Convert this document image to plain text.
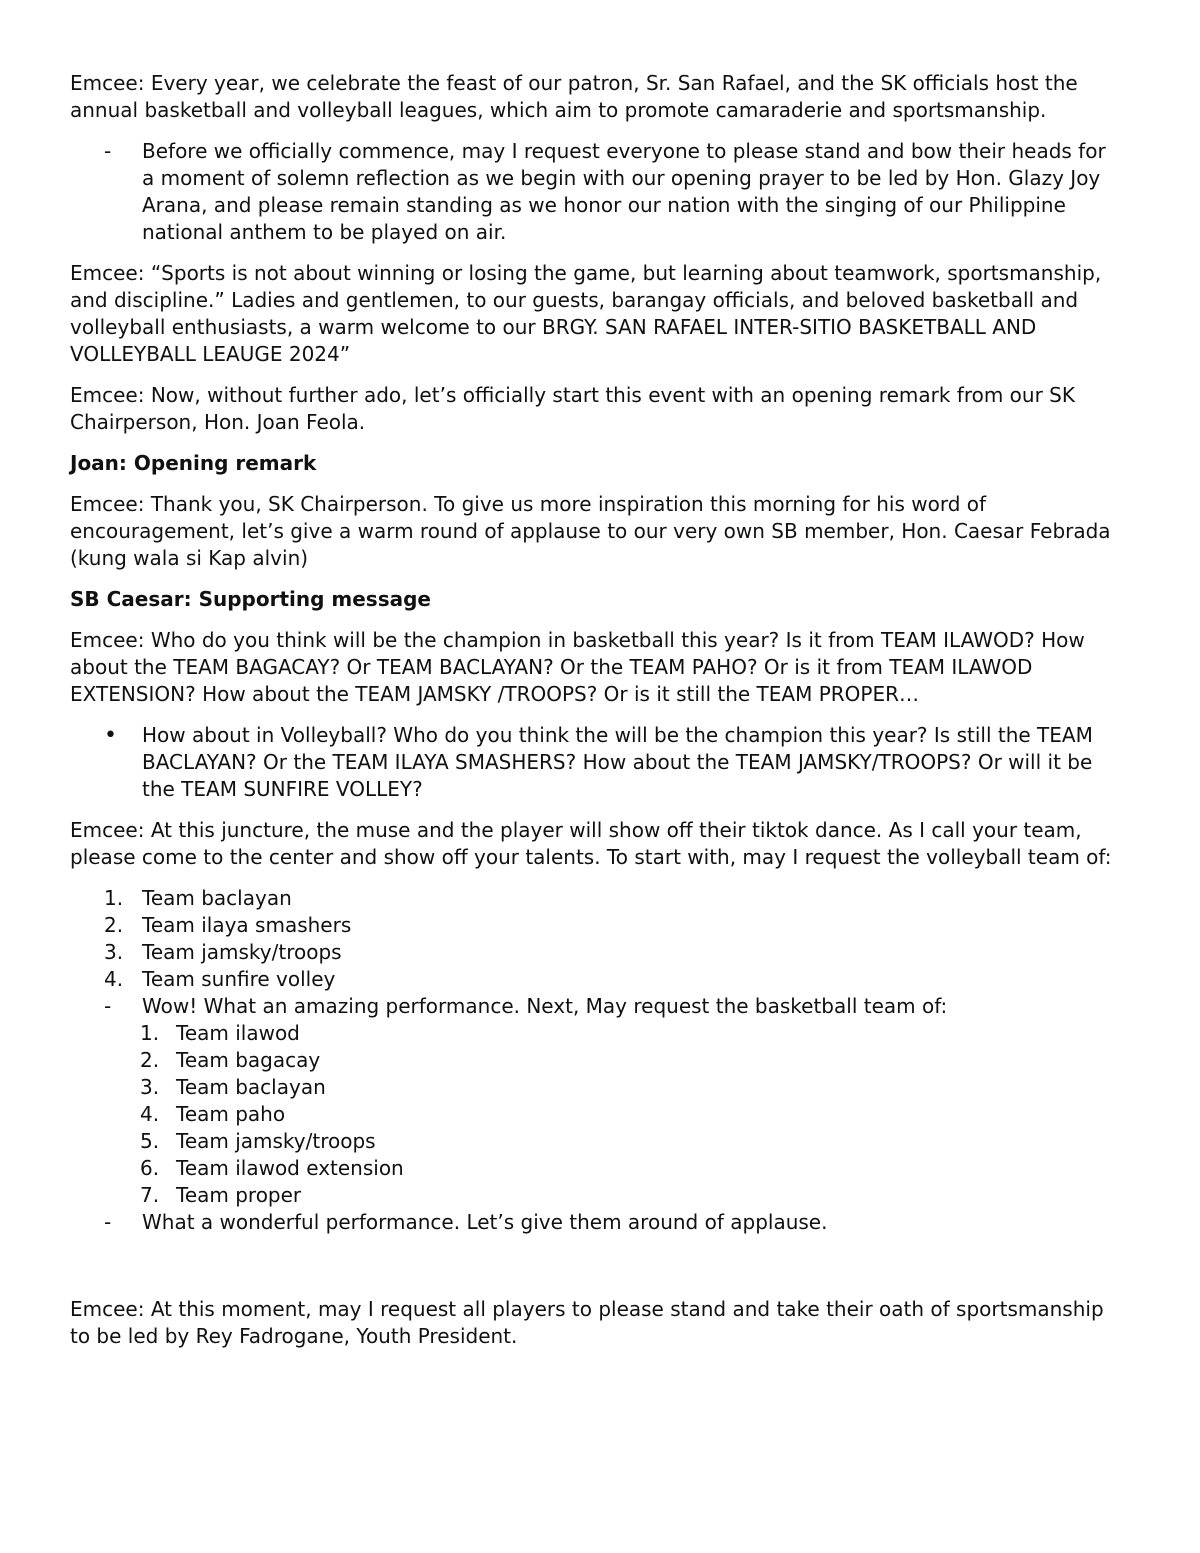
Emcee: Every year, we celebrate the feast of our patron, Sr. San Rafael, and the SK officials host the annual basketball and volleyball leagues, which aim to promote camaraderie and sportsmanship.

- Before we officially commence, may I request everyone to please stand and bow their heads for a moment of solemn reflection as we begin with our opening prayer to be led by Hon. Glazy Joy Arana, and please remain standing as we honor our nation with the singing of our Philippine national anthem to be played on air.

Emcee: “Sports is not about winning or losing the game, but learning about teamwork, sportsmanship, and discipline.” Ladies and gentlemen, to our guests, barangay officials, and beloved basketball and volleyball enthusiasts, a warm welcome to our BRGY. SAN RAFAEL INTER-SITIO BASKETBALL AND VOLLEYBALL LEAUGE 2024”

Emcee: Now, without further ado, let’s officially start this event with an opening remark from our SK Chairperson, Hon. Joan Feola.

Joan: Opening remark

Emcee: Thank you, SK Chairperson. To give us more inspiration this morning for his word of encouragement, let’s give a warm round of applause to our very own SB member, Hon. Caesar Febrada (kung wala si Kap alvin)

SB Caesar: Supporting message

Emcee: Who do you think will be the champion in basketball this year? Is it from TEAM ILAWOD? How about the TEAM BAGACAY? Or TEAM BACLAYAN? Or the TEAM PAHO? Or is it from TEAM ILAWOD EXTENSION? How about the TEAM JAMSKY /TROOPS? Or is it still the TEAM PROPER…

• How about in Volleyball? Who do you think the will be the champion this year? Is still the TEAM BACLAYAN? Or the TEAM ILAYA SMASHERS? How about the TEAM JAMSKY/TROOPS? Or will it be the TEAM SUNFIRE VOLLEY?

Emcee: At this juncture, the muse and the player will show off their tiktok dance. As I call your team, please come to the center and show off your talents. To start with, may I request the volleyball team of:

1. Team baclayan
2. Team ilaya smashers
3. Team jamsky/troops
4. Team sunfire volley
- Wow! What an amazing performance. Next, May request the basketball team of:
1. Team ilawod
2. Team bagacay
3. Team baclayan
4. Team paho
5. Team jamsky/troops
6. Team ilawod extension
7. Team proper
- What a wonderful performance. Let’s give them around of applause.

Emcee: At this moment, may I request all players to please stand and take their oath of sportsmanship to be led by Rey Fadrogane, Youth President.
